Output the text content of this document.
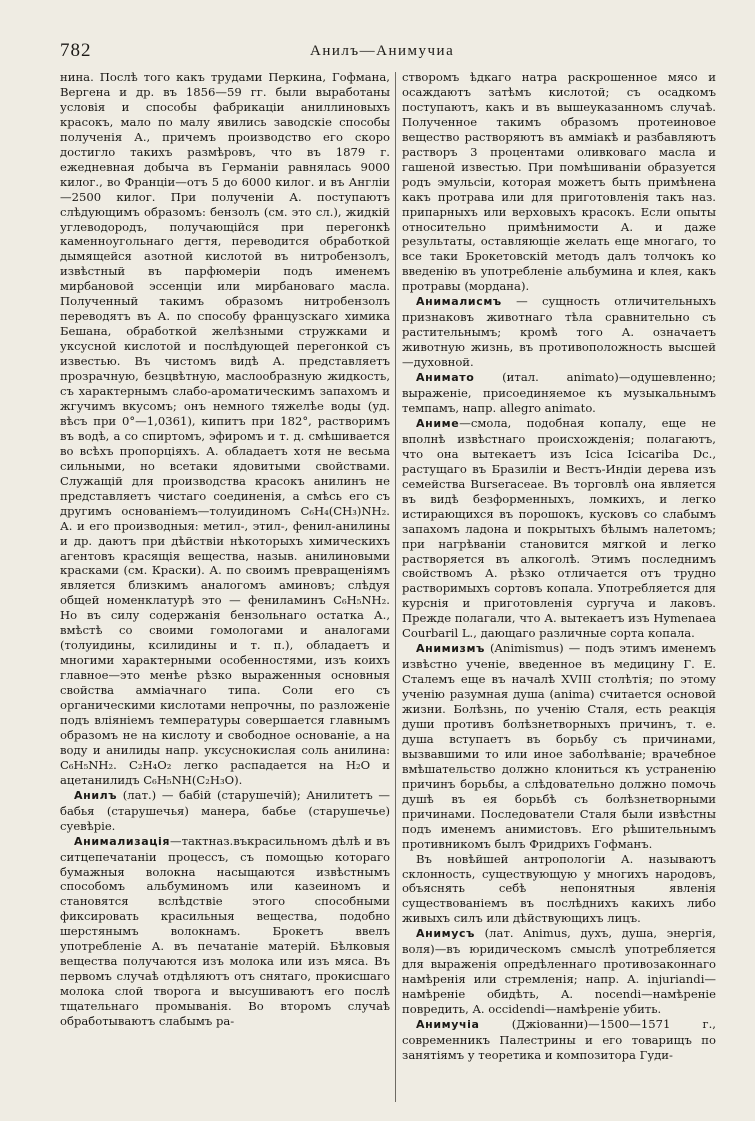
782	Анилъ—Анимучиа

нина. Послѣ того какъ трудами Перкина, Гофмана, Вергена и др. въ 1856—59 гг. были выработаны условія и способы фабрикаціи аниллиновыхъ красокъ, мало по малу явились заводскіе способы полученія А., причемъ производство его скоро достигло такихъ размѣровъ, что въ 1879 г. ежедневная добыча въ Германіи равнялась 9000 килог., во Франціи—отъ 5 до 6000 килог. и въ Англіи—2500 килог. При полученіи А. поступаютъ слѣдующимъ образомъ: бензолъ (см. это сл.), жидкій углеводородъ, получающійся при перегонкѣ каменноугольнаго дегтя, переводится обработкой дымящейся азотной кислотой въ нитробензолъ, извѣстный въ парфюмеріи подъ именемъ мирбановой эссенціи или мирбановаго масла. Полученный такимъ образомъ нитробензолъ переводятъ въ А. по способу французскаго химика Бешана, обработкой желѣзными стружками и уксусной кислотой и послѣдующей перегонкой съ известью. Въ чистомъ видѣ А. представляетъ прозрачную, безцвѣтную, маслообразную жидкость, съ характернымъ слабо-ароматическимъ запахомъ и жгучимъ вкусомъ; онъ немного тяжелѣе воды (уд. вѣсъ при 0°—1,0361), кипитъ при 182°, растворимъ въ водѣ, а со спиртомъ, эфиромъ и т. д. смѣшивается во всѣхъ пропорціяхъ. А. обладаетъ хотя не весьма сильными, но всетаки ядовитыми свойствами. Служащій для производства красокъ анилинъ не представляетъ чистаго соединенія, а смѣсь его съ другимъ основаніемъ—толуидиномъ C₆H₄(CH₃)NH₂. А. и его производныя: метил-, этил-, фенил-анилины и др. даютъ при дѣйствіи нѣкоторыхъ химическихъ агентовъ красящія вещества, назыв. анилиновыми красками (см. Краски). А. по своимъ превращеніямъ является близкимъ аналогомъ аминовъ; слѣдуя общей номенклатурѣ это — фениламинъ C₆H₅NH₂. Но въ силу содержанія бензольнаго остатка А., вмѣстѣ со своими гомологами и аналогами (толуидины, ксилидины и т. п.), обладаетъ и многими характерными особенностями, изъ коихъ главное—это менѣе рѣзко выраженныя основныя свойства аммiачнаго типа. Соли его съ органическими кислотами непрочны, по разложеніе подъ вліяніемъ температуры совершается главнымъ образомъ не на кислоту и свободное основаніе, а на воду и анилиды напр. уксуснокислая соль анилина: C₆H₅NH₂. C₂H₄O₂ легко распадается на H₂O и ацетанилидъ C₆H₅NH(C₂H₃O).

Анилъ (лат.) — бабій (старушечій); Анилитетъ — бабья (старушечья) манера, бабье (старушечье) суевѣріе.

Анимализація—тактназ.въкрасильномъ дѣлѣ и въ ситцепечатаніи процессъ, съ помощью котораго бумажныя волокна насыщаются извѣстнымъ способомъ альбуминомъ или казеиномъ и становятся вслѣдствіе этого способными фиксировать красильныя вещества, подобно шерстянымъ волокнамъ. Брокетъ ввелъ употребленіе А. въ печатаніе матерій. Бѣлковыя вещества получаются изъ молока или изъ мяса. Въ первомъ случаѣ отдѣляютъ отъ снятаго, прокисшаго молока слой творога и высушиваютъ его послѣ тщательнаго промыванія. Во второмъ случаѣ обработываютъ слабымъ ра-

створомъ ѣдкаго натра раскрошенное мясо и осаждаютъ затѣмъ кислотой; съ осадкомъ поступаютъ, какъ и въ вышеуказанномъ случаѣ. Полученное такимъ образомъ протеиновое вещество растворяютъ въ аммiакѣ и разбавляютъ растворъ 3 процентами оливковаго масла и гашеной известью. При помѣшиваніи образуется родъ эмульсіи, которая можетъ быть примѣнена какъ протрава или для приготовленія такъ наз. припарныхъ или верховыхъ красокъ. Если опыты относительно примѣнимости А. и даже результаты, оставляющіе желать еще многаго, то все таки Брокетовскій методъ далъ толчокъ ко введенію въ употребленіе альбумина и клея, какъ протравы (мордана).

Анималисмъ — сущность отличительныхъ признаковъ животнаго тѣла сравнительно съ растительнымъ; кромѣ того А. означаетъ животную жизнь, въ противоположность высшей—духовной.

Анимато (итал. animato)—одушевленно; выраженіе, присоединяемое къ музыкальнымъ темпамъ, напр. allegro animato.

Анимe—смола, подобная копалу, еще не вполнѣ извѣстнаго происхожденія; полагаютъ, что она вытекаетъ изъ Icica Icicariba Dc., растущаго въ Бразиліи и Вестъ-Индіи дерева изъ семейства Burseraceae. Въ торговлѣ она является въ видѣ безформенныхъ, ломкихъ, и легко истирающихся въ порошокъ, кусковъ со слабымъ запахомъ ладона и покрытыхъ бѣлымъ налетомъ; при нагрѣваніи становится мягкой и легко растворяется въ алкоголѣ. Этимъ последнимъ свойствомъ А. рѣзко отличается отъ трудно растворимыхъ сортовъ копала. Употребляется для курснія и приготовленія сургуча и лаковъ. Прежде полагали, что А. вытекаетъ изъ Hymenaea Courbaril L., дающаго различные сорта копала.

Анимизмъ (Animismus) — подъ этимъ именемъ извѣстно ученіе, введенное въ медицину Г. Е. Сталемъ еще въ началѣ XVIII столѣтія; по этому ученію разумная душа (anima) считается основой жизни. Болѣзнь, по ученію Сталя, есть реакція души противъ болѣзнетворныхъ причинъ, т. е. душа вступаетъ въ борьбу съ причинами, вызвавшими то или иное заболѣваніе; врачебное вмѣшательство должно клониться къ устраненію причинъ борьбы, а слѣдовательно должно помочь душѣ въ ея борьбѣ съ болѣзнетворными причинами. Последователи Сталя были извѣстны подъ именемъ анимистовъ. Его рѣшительнымъ противникомъ былъ Фридрихъ Гофманъ.

Въ новѣйшей антропологіи А. называютъ склонность, существующую у многихъ народовъ, объяснять себѣ непонятныя явленія существованіемъ въ послѣднихъ какихъ либо живыхъ силъ или дѣйствующихъ лицъ.

Анимусъ (лат. Animus, духъ, душа, энергія, воля)—въ юридическомъ смыслѣ употребляется для выраженія опредѣленнаго противозаконнаго намѣренія или стремленія; напр. A. injuriandi—намѣреніе обидѣть, A. nocendi—намѣреніе повредить, A. occidendi—намѣреніе убить.

Анимучіа (Джіованни)—1500—1571 г., современникъ Палестрины и его товарищъ по занятіямъ у теоретика и композитора Гуди-
